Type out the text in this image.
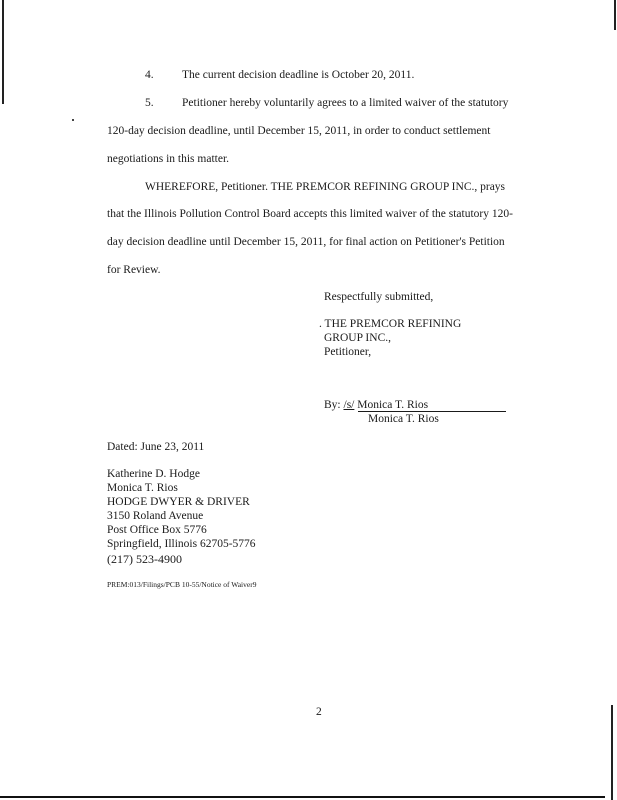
4. The current decision deadline is October 20, 2011.
5. Petitioner hereby voluntarily agrees to a limited waiver of the statutory
120-day decision deadline, until December 15, 2011, in order to conduct settlement
negotiations in this matter.
WHEREFORE, Petitioner. THE PREMCOR REFINING GROUP INC., prays
that the Illinois Pollution Control Board accepts this limited waiver of the statutory 120-
day decision deadline until December 15, 2011, for final action on Petitioner's Petition
for Review.
Respectfully submitted,
. THE PREMCOR REFINING
GROUP INC.,
Petitioner,
By: /s/ Monica T. Rios
Monica T. Rios
Dated: June 23, 2011
Katherine D. Hodge
Monica T. Rios
HODGE DWYER & DRIVER
3150 Roland Avenue
Post Office Box 5776
Springfield, Illinois 62705-5776
(217) 523-4900
PREM:013/Filings/PCB 10-55/Notice of Waiver9
2
